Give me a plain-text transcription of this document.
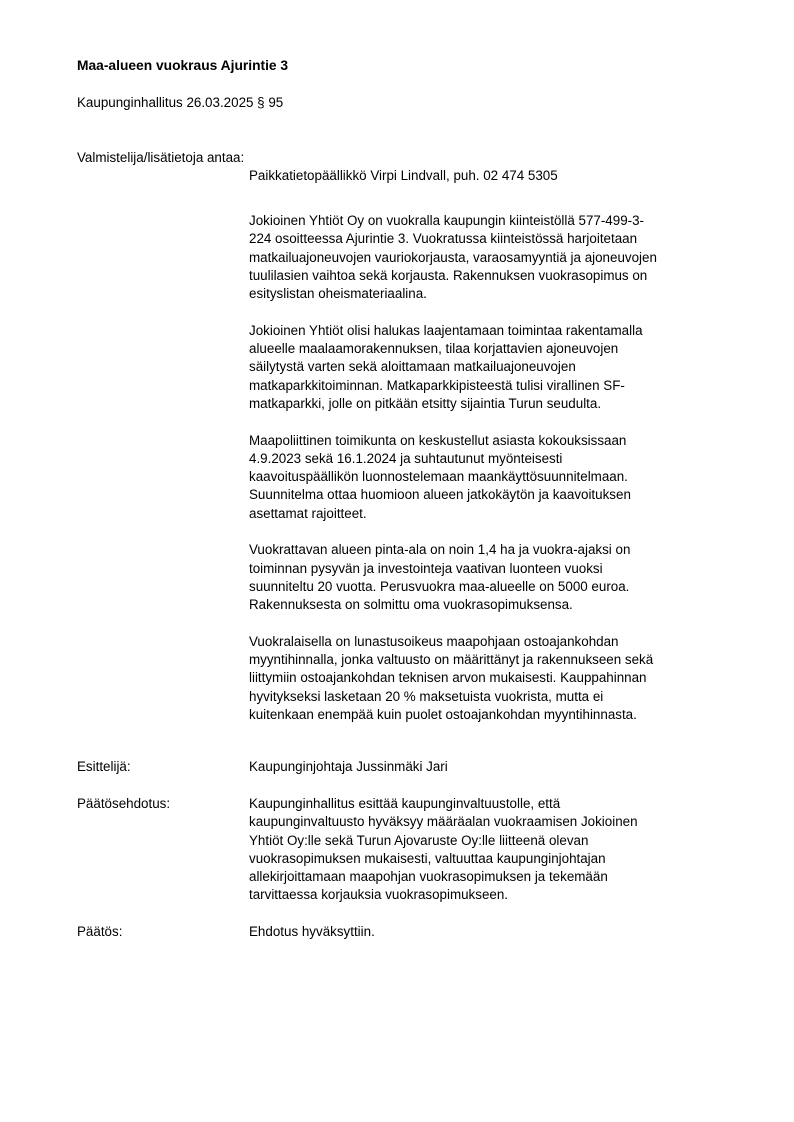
Maa-alueen vuokraus Ajurintie 3
Kaupunginhallitus 26.03.2025 § 95
Valmistelija/lisätietoja antaa:
Paikkatietopäällikkö Virpi Lindvall, puh. 02 474 5305

Jokioinen Yhtiöt Oy on vuokralla kaupungin kiinteistöllä 577-499-3-
224 osoitteessa Ajurintie 3. Vuokratussa kiinteistössä harjoitetaan
matkailuajoneuvojen vauriokorjausta, varaosamyyntiä ja ajoneuvojen
tuulilasien vaihtoa sekä korjausta. Rakennuksen vuokrasopimus on
esityslistan oheismateriaalina.

Jokioinen Yhtiöt olisi halukas laajentamaan toimintaa rakentamalla
alueelle maalaamorakennuksen, tilaa korjattavien ajoneuvojen
säilytystä varten sekä aloittamaan matkailuajoneuvojen
matkaparkkitoiminnan. Matkaparkkipisteestä tulisi virallinen SF-
matkaparkki, jolle on pitkään etsitty sijaintia Turun seudulta.

Maapoliittinen toimikunta on keskustellut asiasta kokouksissaan
4.9.2023 sekä 16.1.2024 ja suhtautunut myönteisesti
kaavoituspäällikön luonnostelemaan maankäyttösuunnitelmaan.
Suunnitelma ottaa huomioon alueen jatkokäytön ja kaavoituksen
asettamat rajoitteet.

Vuokrattavan alueen pinta-ala on noin 1,4 ha ja vuokra-ajaksi on
toiminnan pysyvän ja investointeja vaativan luonteen vuoksi
suunniteltu 20 vuotta. Perusvuokra maa-alueelle on 5000 euroa.
Rakennuksesta on solmittu oma vuokrasopimuksensa.

Vuokralaisella on lunastusoikeus maapohjaan ostoajankohdan
myyntihinnalla, jonka valtuusto on määrittänyt ja rakennukseen sekä
liittymiin ostoajankohdan teknisen arvon mukaisesti. Kauppahinnan
hyvitykseksi lasketaan 20 % maksetuista vuokrista, mutta ei
kuitenkaan enempää kuin puolet ostoajankohdan myyntihinnasta.

Esittelijä:	Kaupunginjohtaja Jussinmäki Jari
Päätösehdotus:	Kaupunginhallitus esittää kaupunginvaltuustolle, että
kaupunginvaltuusto hyväksyy määräalan vuokraamisen Jokioinen
Yhtiöt Oy:lle sekä Turun Ajovaruste Oy:lle liitteenä olevan
vuokrasopimuksen mukaisesti, valtuuttaa kaupunginjohtajan
allekirjoittamaan maapohjan vuokrasopimuksen ja tekemään
tarvittaessa korjauksia vuokrasopimukseen.
Päätös:	Ehdotus hyväksyttiin.
